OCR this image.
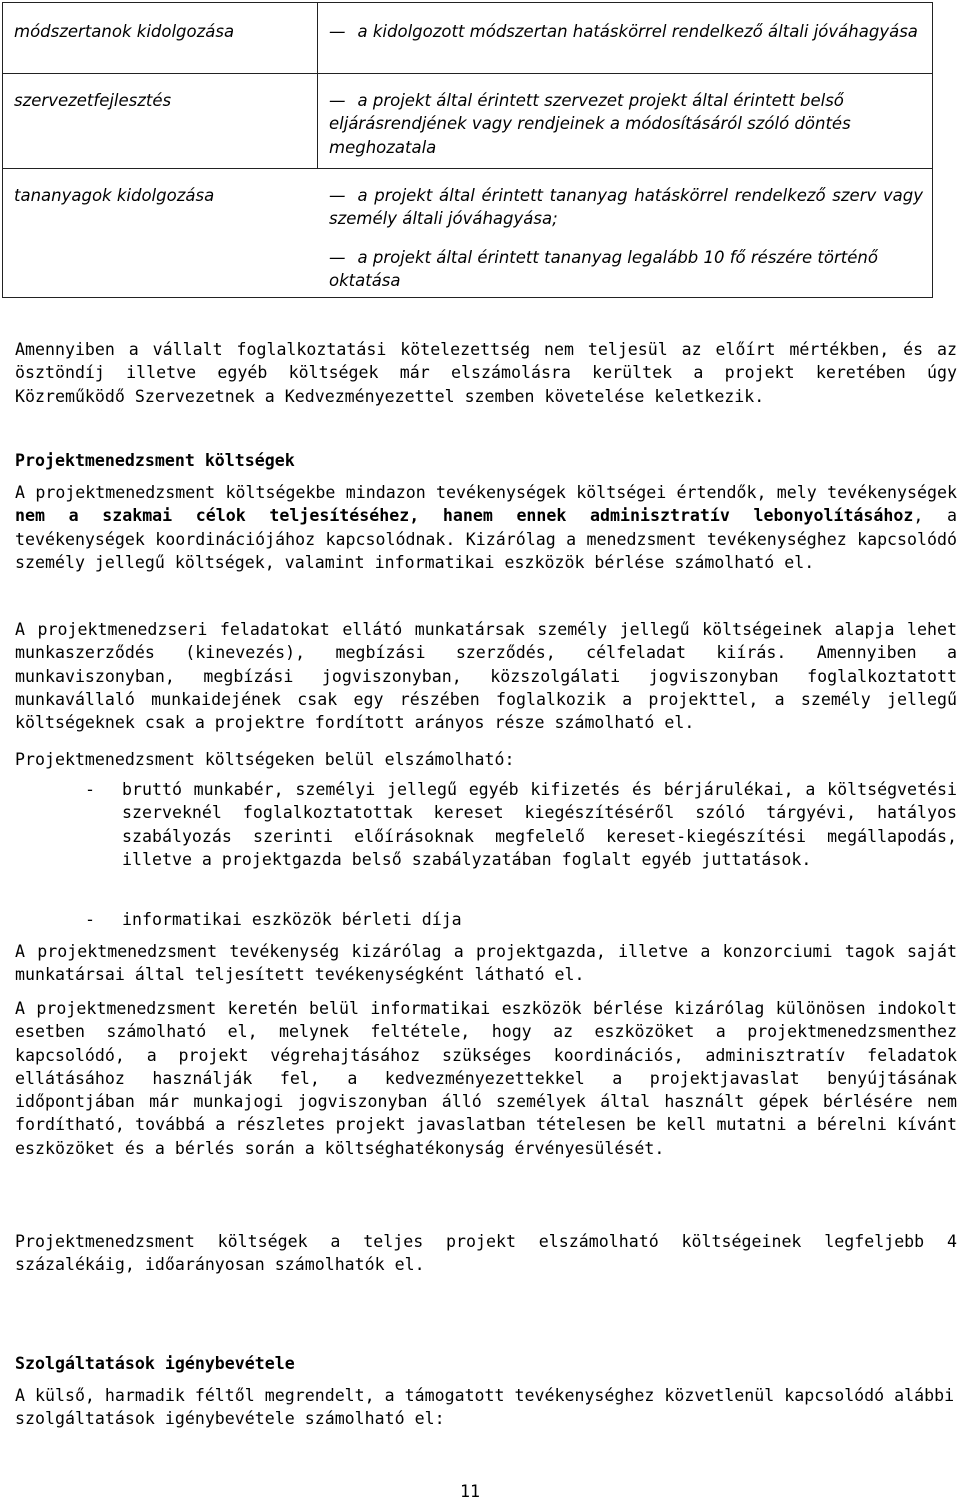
módszertanok kidolgozása	— a kidolgozott módszertan hatáskörrel rendelkező általi jóváhagyása
szervezetfejlesztés —	a projekt által érintett szervezet projekt által érintett belső eljárásrendjének vagy rendjeinek a módosításáról szóló döntés meghozatala
tananyagok kidolgozása —	a projekt által érintett tananyag hatáskörrel rendelkező szerv vagy személy általi jóváhagyása;
— a projekt által érintett tananyag legalább 10 fő részére történő oktatása

Amennyiben a vállalt foglalkoztatási kötelezettség nem teljesül az előírt mértékben, és az ösztöndíj illetve egyéb költségek már elszámolásra kerültek a projekt keretében úgy Közreműködő Szervezetnek a Kedvezményezettel szemben követelése keletkezik.

Projektmenedzsment költségek

A projektmenedzsment költségekbe mindazon tevékenységek költségei értendők, mely tevékenységek nem a szakmai célok teljesítéséhez, hanem ennek adminisztratív lebonyolításához, a tevékenységek koordinációjához kapcsolódnak. Kizárólag a menedzsment tevékenységhez kapcsolódó személy jellegű költségek, valamint informatikai eszközök bérlése számolható el.

A projektmenedzseri feladatokat ellátó munkatársak személy jellegű költségeinek alapja lehet munkaszerződés (kinevezés), megbízási szerződés, célfeladat kiírás. Amennyiben a munkaviszonyban, megbízási jogviszonyban, közszolgálati jogviszonyban foglalkoztatott munkavállaló munkaidejének csak egy részében foglalkozik a projekttel, a személy jellegű költségeknek csak a projektre fordított arányos része számolható el.

Projektmenedzsment költségeken belül elszámolható:

- bruttó munkabér, személyi jellegű egyéb kifizetés és bérjárulékai, a költségvetési szerveknél foglalkoztatottak kereset kiegészítéséről szóló tárgyévi, hatályos szabályozás szerinti előírásoknak megfelelő kereset-kiegészítési megállapodás, illetve a projektgazda belső szabályzatában foglalt egyéb juttatások.

- informatikai eszközök bérleti díja

A projektmenedzsment tevékenység kizárólag a projektgazda, illetve a konzorciumi tagok saját munkatársai által teljesített tevékenységként látható el.

A projektmenedzsment keretén belül informatikai eszközök bérlése kizárólag különösen indokolt esetben számolható el, melynek feltétele, hogy az eszközöket a projektmenedzsmenthez kapcsolódó, a projekt végrehajtásához szükséges koordinációs, adminisztratív feladatok ellátásához használják fel, a kedvezményezettekkel a projektjavaslat benyújtásának időpontjában már munkajogi jogviszonyban álló személyek által használt gépek bérlésére nem fordítható, továbbá a részletes projekt javaslatban tételesen be kell mutatni a bérelni kívánt eszközöket és a bérlés során a költséghatékonyság érvényesülését.

Projektmenedzsment költségek a teljes projekt elszámolható költségeinek legfeljebb 4 százalékáig, időarányosan számolhatók el.

Szolgáltatások igénybevétele

A külső, harmadik féltől megrendelt, a támogatott tevékenységhez közvetlenül kapcsolódó alábbi szolgáltatások igénybevétele számolható el:

11
